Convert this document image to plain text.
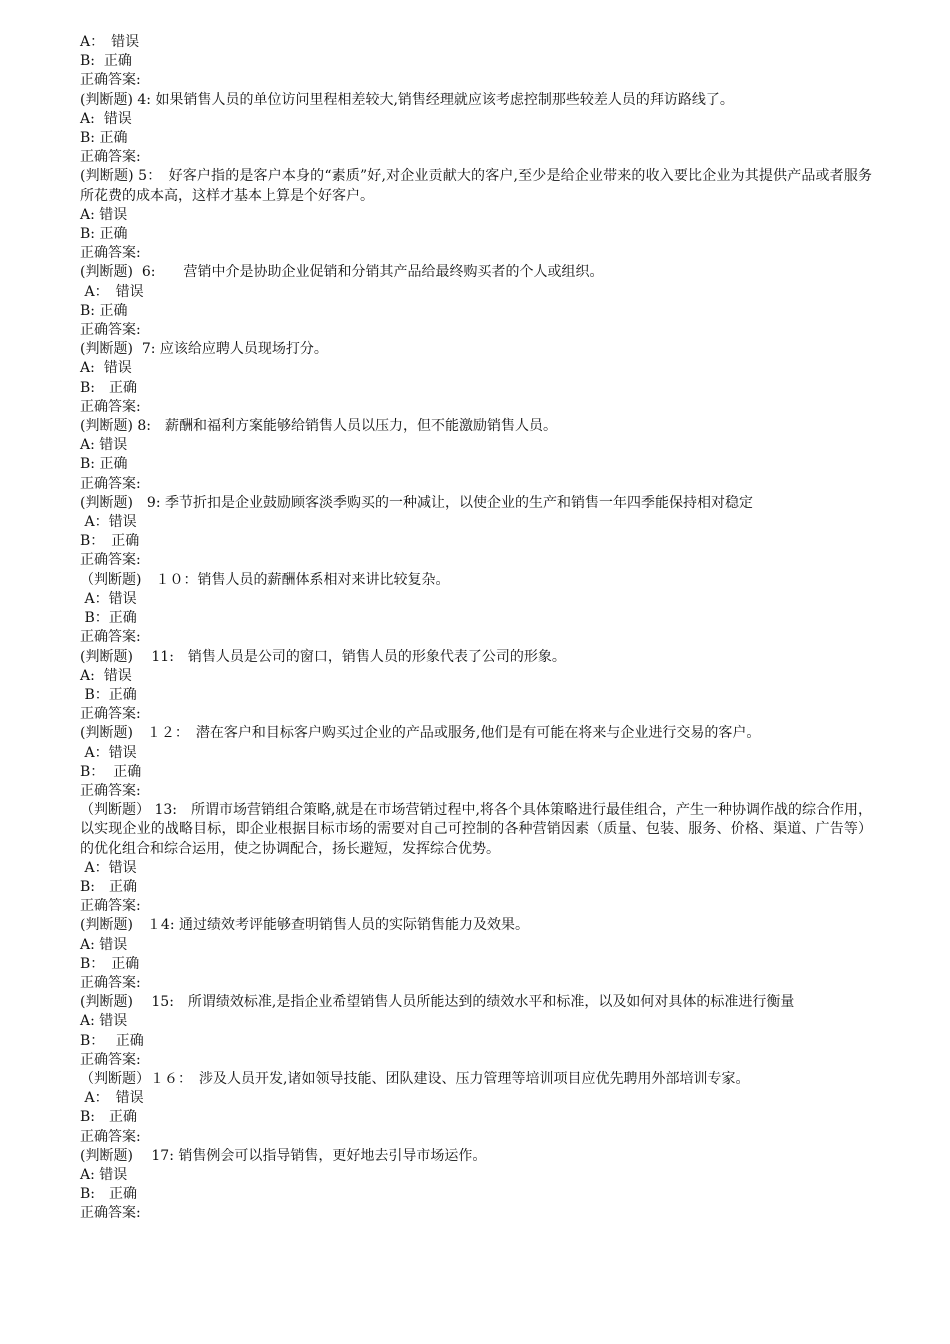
A：　错误
B:  正确
正确答案:
(判断题) 4: 如果销售人员的单位访问里程相差较大,销售经理就应该考虑控制那些较差人员的拜访路线了。
A:  错误
B: 正确
正确答案:
(判断题) 5：　好客户指的是客户本身的“素质”好,对企业贡献大的客户,至少是给企业带来的收入要比企业为其提供产品或者服务所花费的成本高，这样才基本上算是个好客户。
A: 错误
B: 正确
正确答案:
(判断题)  6:　　营销中介是协助企业促销和分销其产品给最终购买者的个人或组织。
A：　错误
B: 正确
正确答案:
(判断题)  7: 应该给应聘人员现场打分。
A:  错误
B:　正确
正确答案:
(判断题) 8:　薪酬和福利方案能够给销售人员以压力，但不能激励销售人员。
A: 错误
B: 正确
正确答案:
(判断题)　9: 季节折扣是企业鼓励顾客淡季购买的一种减让，以使企业的生产和销售一年四季能保持相对稳定
A：错误
B：　正确
正确答案:
（判断题)　１０：销售人员的薪酬体系相对来讲比较复杂。
A：错误
B：正确
正确答案:
(判断题)　 11:　销售人员是公司的窗口，销售人员的形象代表了公司的形象。
A:  错误
B：正确
正确答案:
(判断题)　１２：　潜在客户和目标客户购买过企业的产品或服务,他们是有可能在将来与企业进行交易的客户。
A：错误
B：  正确
正确答案:
（判断题） 13:　所谓市场营销组合策略,就是在市场营销过程中,将各个具体策略进行最佳组合，产生一种协调作战的综合作用，以实现企业的战略目标，即企业根据目标市场的需要对自己可控制的各种营销因素（质量、包装、服务、价格、渠道、广告等）的优化组合和综合运用，使之协调配合，扬长避短，发挥综合优势。
A：错误
B:　正确
正确答案:
(判断题)　１4: 通过绩效考评能够查明销售人员的实际销售能力及效果。
A: 错误
B：　正确
正确答案:
(判断题)　 15:　所谓绩效标准,是指企业希望销售人员所能达到的绩效水平和标准，以及如何对具体的标准进行衡量
A: 错误
B：　 正确
正确答案:
（判断题）１６：　涉及人员开发,诸如领导技能、团队建设、压力管理等培训项目应优先聘用外部培训专家。
A：　错误
B:　正确
正确答案:
(判断题)　 17: 销售例会可以指导销售，更好地去引导市场运作。
A: 错误
B:　正确
正确答案:
